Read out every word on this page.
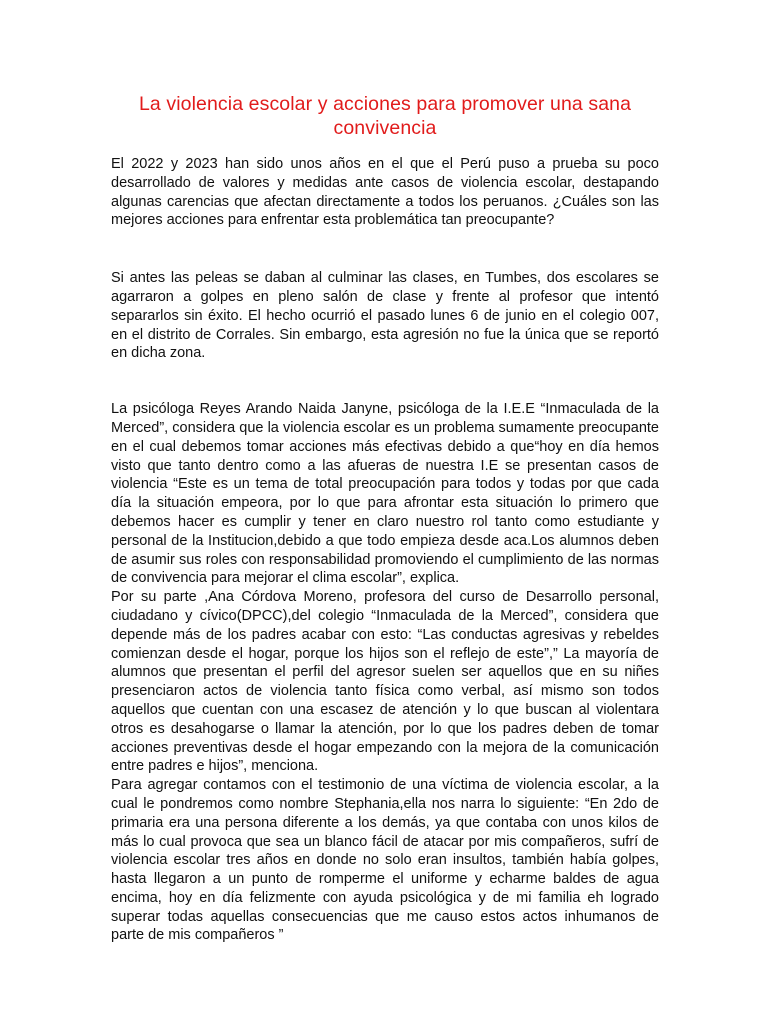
La violencia escolar y acciones para promover una sana convivencia

El 2022 y 2023 han sido unos años en el que el Perú puso a prueba su poco desarrollado de valores y medidas ante casos de violencia escolar, destapando algunas carencias que afectan directamente a todos los peruanos. ¿Cuáles son las mejores acciones para enfrentar esta problemática tan preocupante?

Si antes las peleas se daban al culminar las clases, en Tumbes, dos escolares se agarraron a golpes en pleno salón de clase y frente al profesor que intentó separarlos sin éxito. El hecho ocurrió el pasado lunes 6 de junio en el colegio 007, en el distrito de Corrales. Sin embargo, esta agresión no fue la única que se reportó en dicha zona.

La psicóloga Reyes Arando Naida Janyne, psicóloga de la I.E.E “Inmaculada de la Merced”, considera que la violencia escolar es un problema sumamente preocupante en el cual debemos tomar acciones más efectivas debido a que“hoy en día hemos visto que tanto dentro como a las afueras de nuestra I.E se presentan casos de violencia “Este es un tema de total preocupación para todos y todas por que cada día la situación empeora, por lo que para afrontar esta situación lo primero que debemos hacer es cumplir y tener en claro nuestro rol tanto como estudiante y personal de la Institucion,debido a que todo empieza desde aca.Los alumnos deben de asumir sus roles con responsabilidad promoviendo el cumplimiento de las normas de convivencia para mejorar el clima escolar”, explica.

Por su parte ,Ana Córdova Moreno, profesora del curso de Desarrollo personal, ciudadano y cívico(DPCC),del colegio “Inmaculada de la Merced”, considera que depende más de los padres acabar con esto: “Las conductas agresivas y rebeldes comienzan desde el hogar, porque los hijos son el reflejo de este”,” La mayoría de alumnos que presentan el perfil del agresor suelen ser aquellos que en su niñes presenciaron actos de violencia tanto física como verbal, así mismo son todos aquellos que cuentan con una escasez de atención y lo que buscan al violentara otros es desahogarse o llamar la atención, por lo que los padres deben de tomar acciones preventivas desde el hogar empezando con la mejora de la comunicación entre padres e hijos”, menciona.

Para agregar contamos con el testimonio de una víctima de violencia escolar, a la cual le pondremos como nombre Stephania,ella nos narra lo siguiente: “En 2do de primaria era una persona diferente a los demás, ya que contaba con unos kilos de más lo cual provoca que sea un blanco fácil de atacar por mis compañeros, sufrí de violencia escolar tres años en donde no solo eran insultos, también había golpes, hasta llegaron a un punto de romperme el uniforme y echarme baldes de agua encima, hoy en día felizmente con ayuda psicológica y de mi familia eh logrado superar todas aquellas consecuencias que me causo estos actos inhumanos de parte de mis compañeros ”
